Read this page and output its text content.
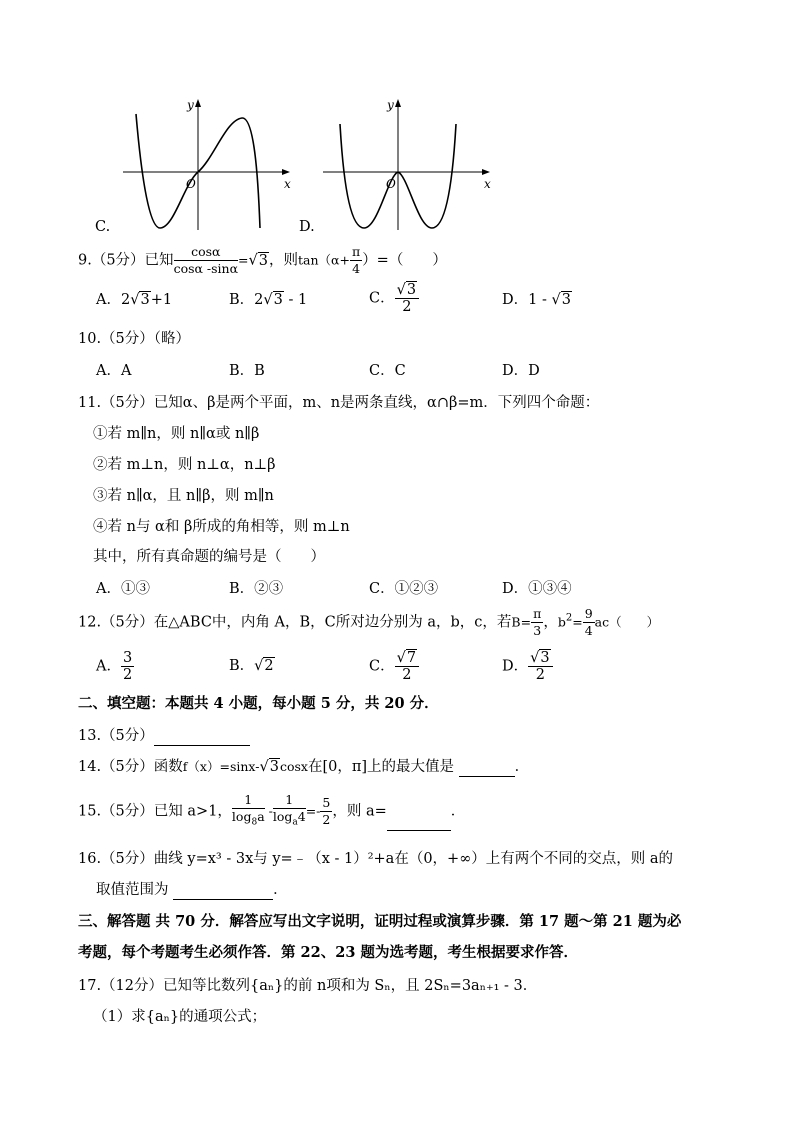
x
y
O
C.
x
y
O
D.
9.（5分）已知 $\frac{\cos\alpha}{\cos\alpha -\sin\alpha} =√3$，则$\tan(\alpha+ \frac{\pi}{4}$ ）=（　　）
A．2√3+1	B．2√3 - 1	C． $\frac{√3}{2}$	D．1 - √3
10.（5分）（略）
A．A	B．B	C．C	D．D
11.（5分）已知α、β是两个平面，m、n是两条直线，α∩β=m．下列四个命题：
①若 m∥n，则 n∥α或 n∥β
②若 m⊥n，则 n⊥α，n⊥β
③若 n∥α，且 n∥β，则 m∥n
④若 n与 α和 β所成的角相等，则 m⊥n
其中，所有真命题的编号是（　　）
A．①③	B．②③	C．①②③	D．①③④
12.（5分）在△ABC中，内角 A，B，C所对边分别为 a，b，c，若$B= \frac{\pi}{3}$ ，$b^2= \frac{9}{4} ac$（　　）
A． $\frac{3}{2}$	B．√2	C． $\frac{√7}{2}$	D． $\frac{√3}{2}$
二、填空题：本题共 4 小题，每小题 5 分，共 20 分．
13.（5分）
14.（5分）函数f（x）=sinx-√3cosx在[0，π]上的最大值是	．
15.（5分）已知 a>1， $\frac{1}{\log_8a} - \frac{1}{\log_a4} =- \frac{5}{2}$ ，则 a=	．
16.（5分）曲线 y=x³ - 3x与 y=﹣（x - 1）²+a在（0，+∞）上有两个不同的交点，则 a的
取值范围为	．
三、解答题 共 70 分．解答应写出文字说明，证明过程或演算步骤．第 17 题～第 21 题为必
考题，每个考题考生必须作答．第 22、23 题为选考题，考生根据要求作答．
17.（12分）已知等比数列{aₙ}的前 n项和为 Sₙ，且 2Sₙ=3aₙ₊₁ - 3．
（1）求{aₙ}的通项公式；
